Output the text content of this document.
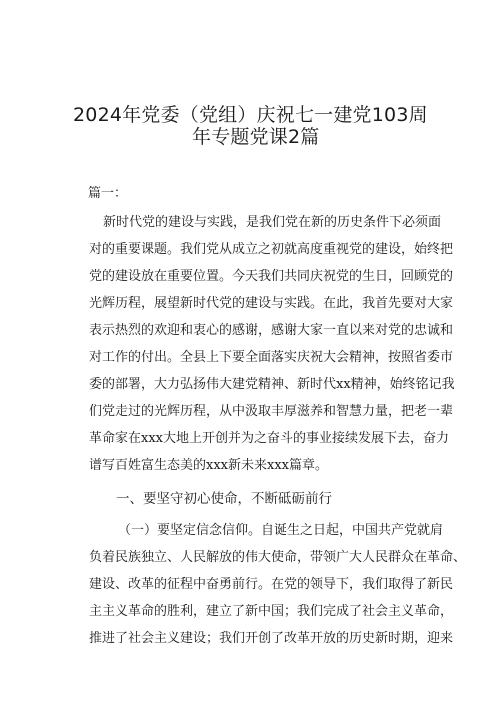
2024年党委（党组）庆祝七一建党103周
年专题党课2篇
篇一：
新时代党的建设与实践，是我们党在新的历史条件下必须面
对的重要课题。我们党从成立之初就高度重视党的建设，始终把
党的建设放在重要位置。今天我们共同庆祝党的生日，回顾党的
光辉历程，展望新时代党的建设与实践。在此，我首先要对大家
表示热烈的欢迎和衷心的感谢，感谢大家一直以来对党的忠诚和
对工作的付出。全县上下要全面落实庆祝大会精神，按照省委市
委的部署，大力弘扬伟大建党精神、新时代xx精神，始终铭记我
们党走过的光辉历程，从中汲取丰厚滋养和智慧力量，把老一辈
革命家在xxx大地上开创并为之奋斗的事业接续发展下去，奋力
谱写百姓富生态美的xxx新未来xxx篇章。
一、要坚守初心使命，不断砥砺前行
（一）要坚定信念信仰。自诞生之日起，中国共产党就肩
负着民族独立、人民解放的伟大使命，带领广大人民群众在革命、
建设、改革的征程中奋勇前行。在党的领导下，我们取得了新民
主主义革命的胜利，建立了新中国；我们完成了社会主义革命，
推进了社会主义建设；我们开创了改革开放的历史新时期，迎来
